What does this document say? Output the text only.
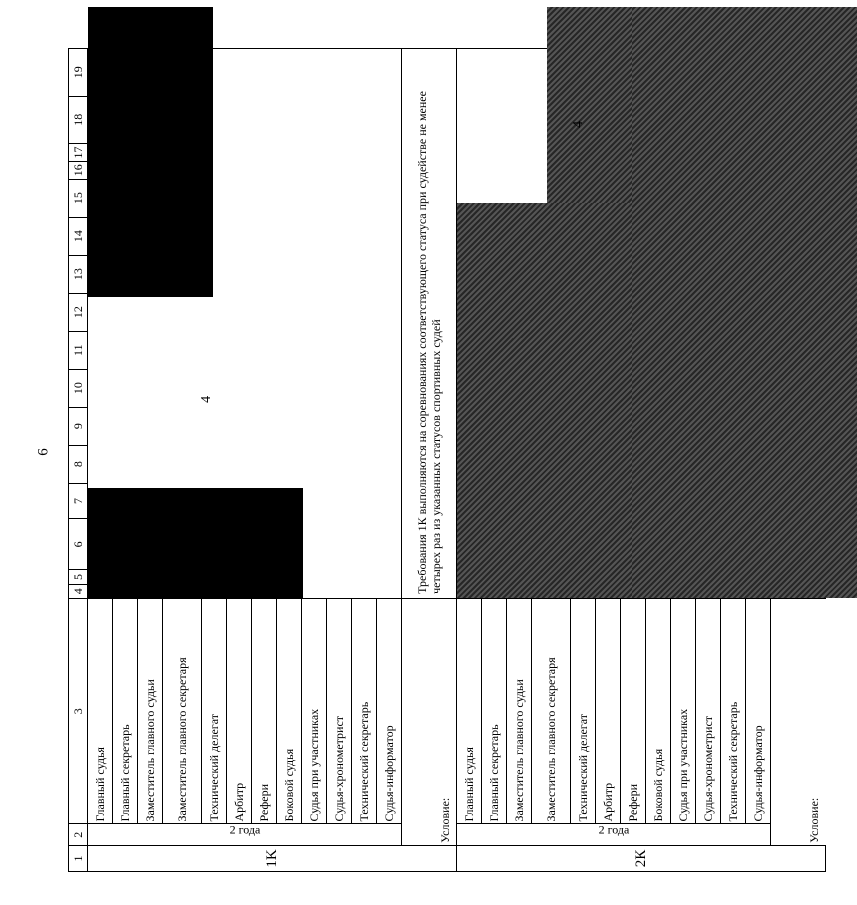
6
1	2	3	4	5	6	7	8	9	10	11	12	13	14	15	16	17	18	19
1K	2 года	Главный судья	4															

		Главный секретарь																
		Заместитель главного судьи																
		Заместитель главного секретаря																
		Технический делегат																
		Арбитр																
		Рефери																
		Боковой судья																
		Судья при участниках																
		Судья-хронометрист																
		Технический секретарь																
		Судья-информатор																
	Условие:		Требования 1К выполняются на соревнованиях соответствующего статуса при судействе не менее четырех раз из указанных статусов спортивных судей															
2К	2 года	Главный судья	4															

		Главный секретарь																
		Заместитель главного судьи																
		Заместитель главного секретаря																
		Технический делегат																
		Арбитр																
		Рефери																
		Боковой судья																
		Судья при участниках																
		Судья-хронометрист																
		Технический секретарь																
		Судья-информатор																
	Условие:	
